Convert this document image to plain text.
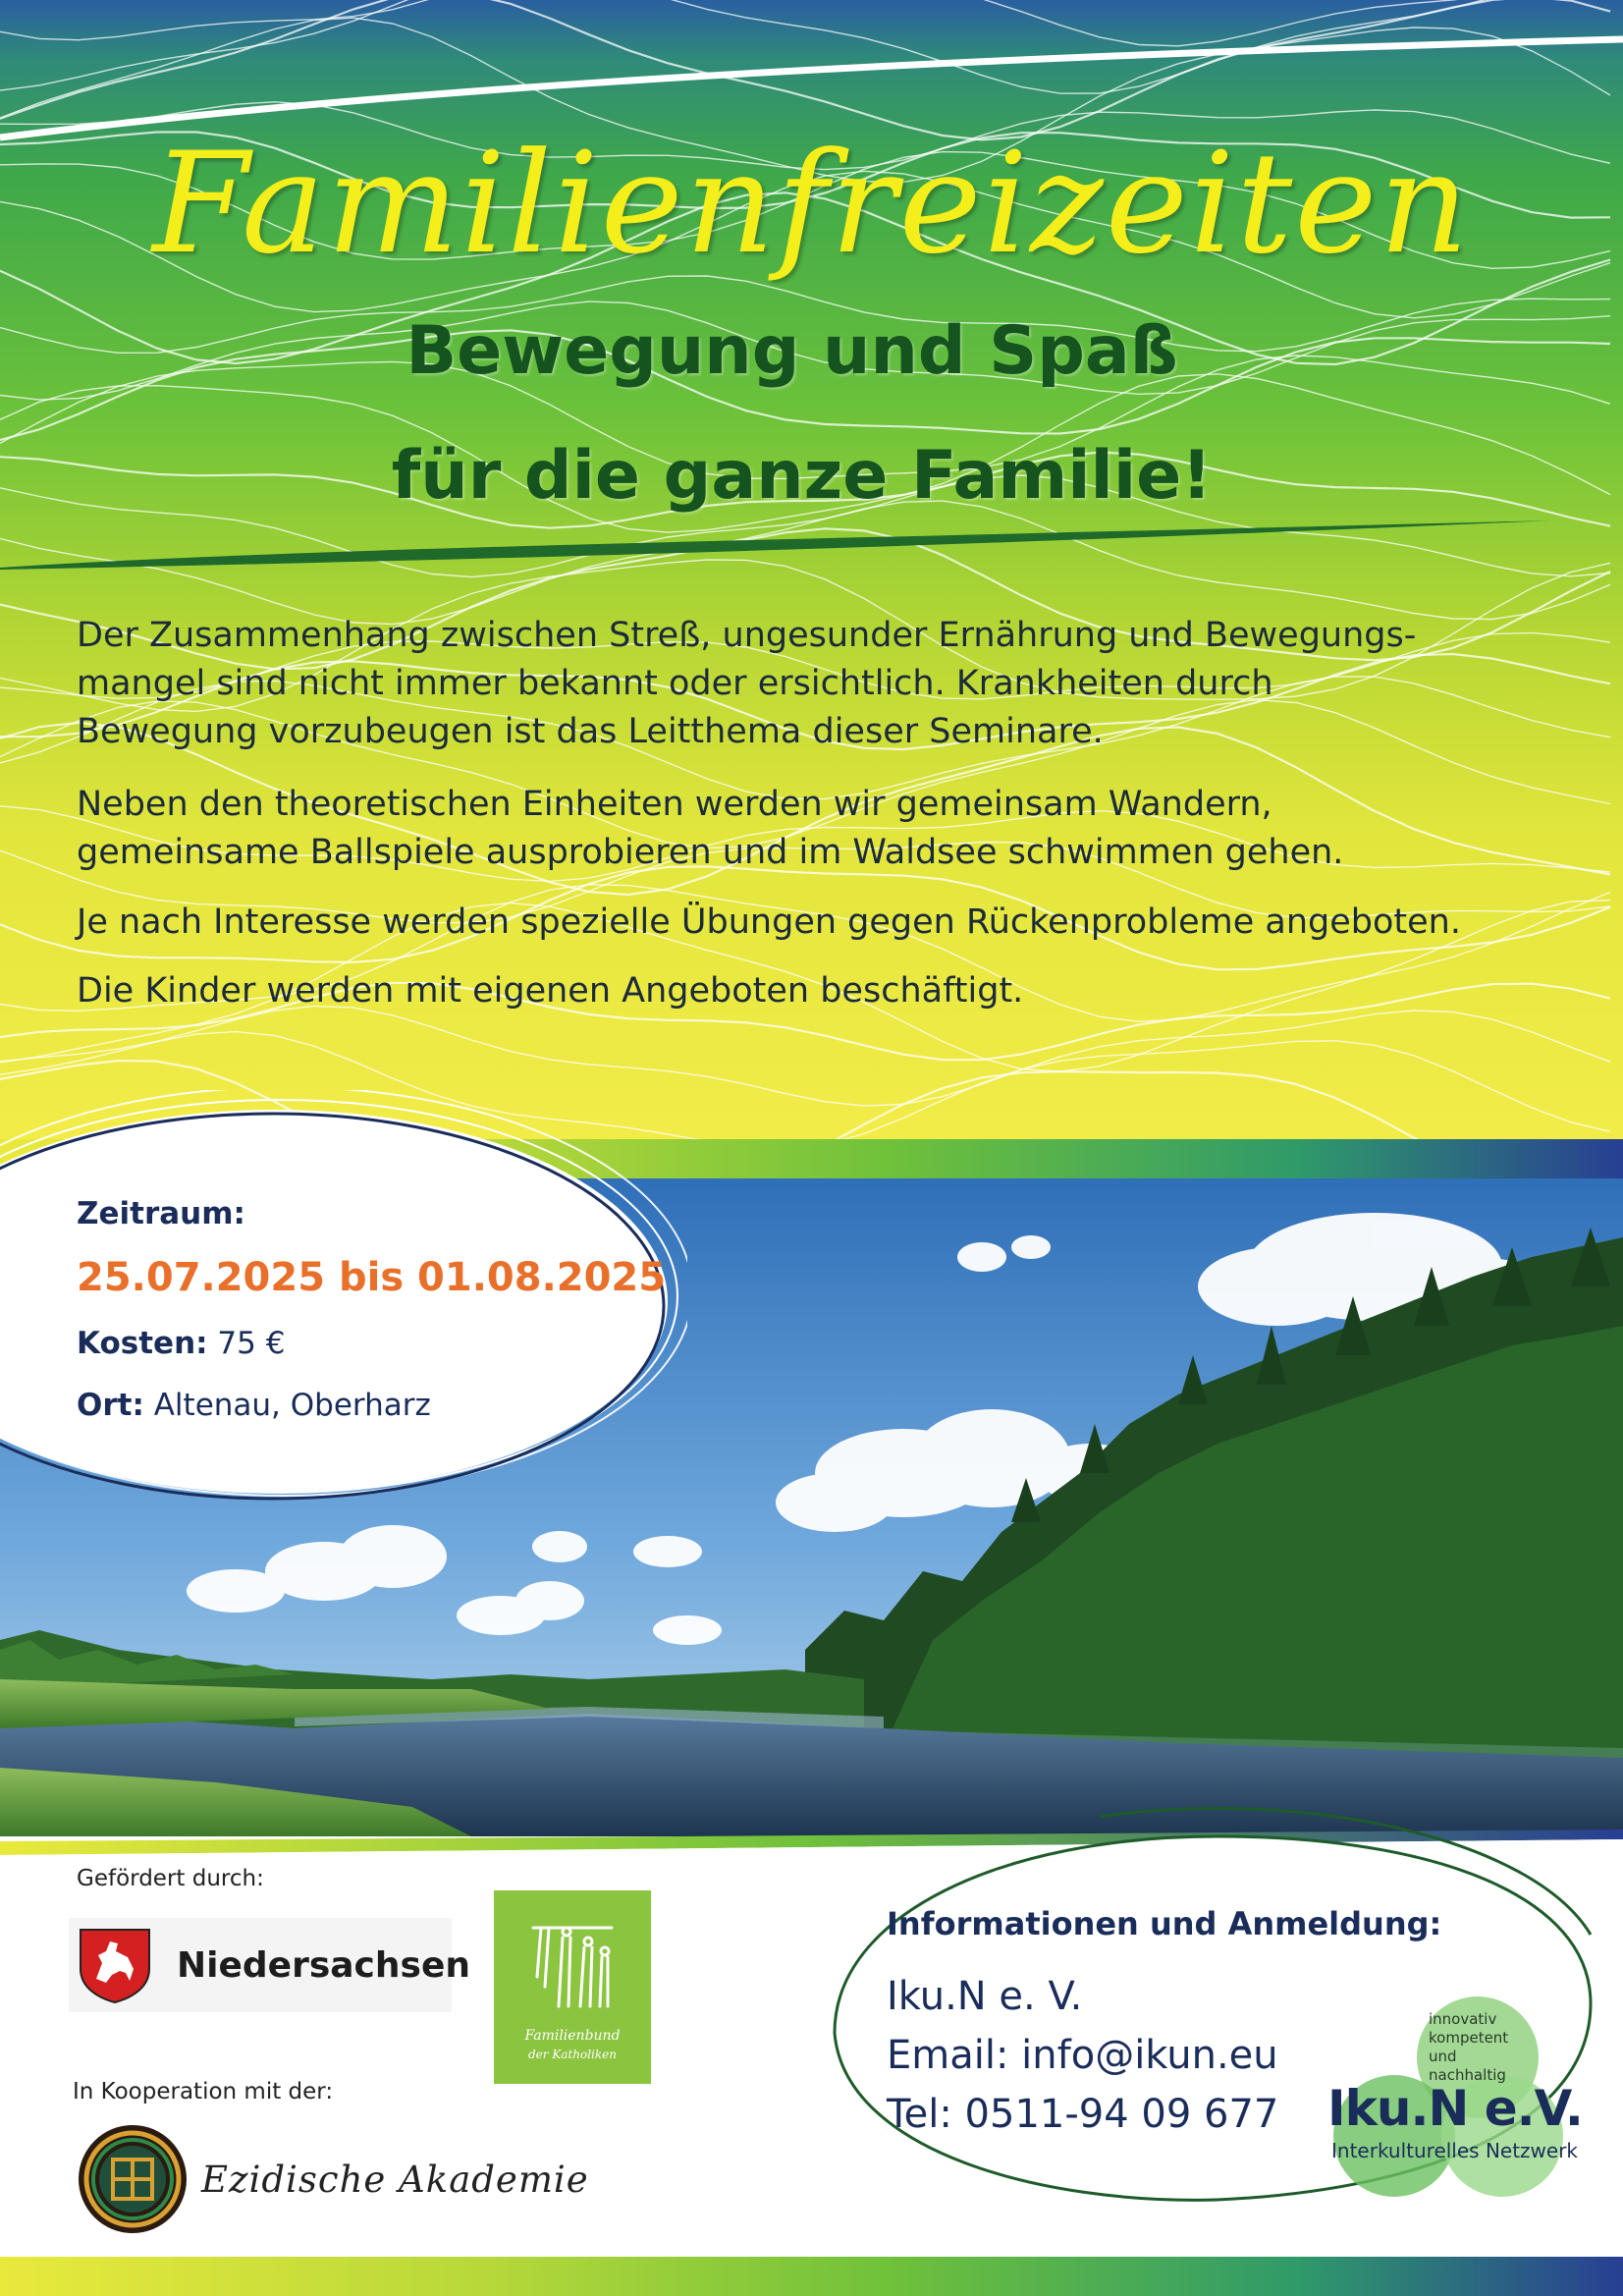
Familienfreizeiten
Bewegung und Spaß
für die ganze Familie!

Der Zusammenhang zwischen Streß, ungesunder Ernährung und Bewegungs-
mangel sind nicht immer bekannt oder ersichtlich. Krankheiten durch
Bewegung vorzubeugen ist das Leitthema dieser Seminare.

Neben den theoretischen Einheiten werden wir gemeinsam Wandern,
gemeinsame Ballspiele ausprobieren und im Waldsee schwimmen gehen.

Je nach Interesse werden spezielle Übungen gegen Rückenprobleme angeboten.

Die Kinder werden mit eigenen Angeboten beschäftigt.

Zeitraum:

25.07.2025 bis 01.08.2025

Kosten: 75 €

Ort: Altenau, Oberharz

Gefördert durch:

Niedersachsen
Familienbund
der Katholiken

In Kooperation mit der:

Ezidische Akademie

Informationen und Anmeldung:

Iku.N e. V.

Email: info@ikun.eu

Tel: 0511-94 09 677

innovativ

kompetent

und

nachhaltig

Iku.N e.V.

Interkulturelles Netzwerk
